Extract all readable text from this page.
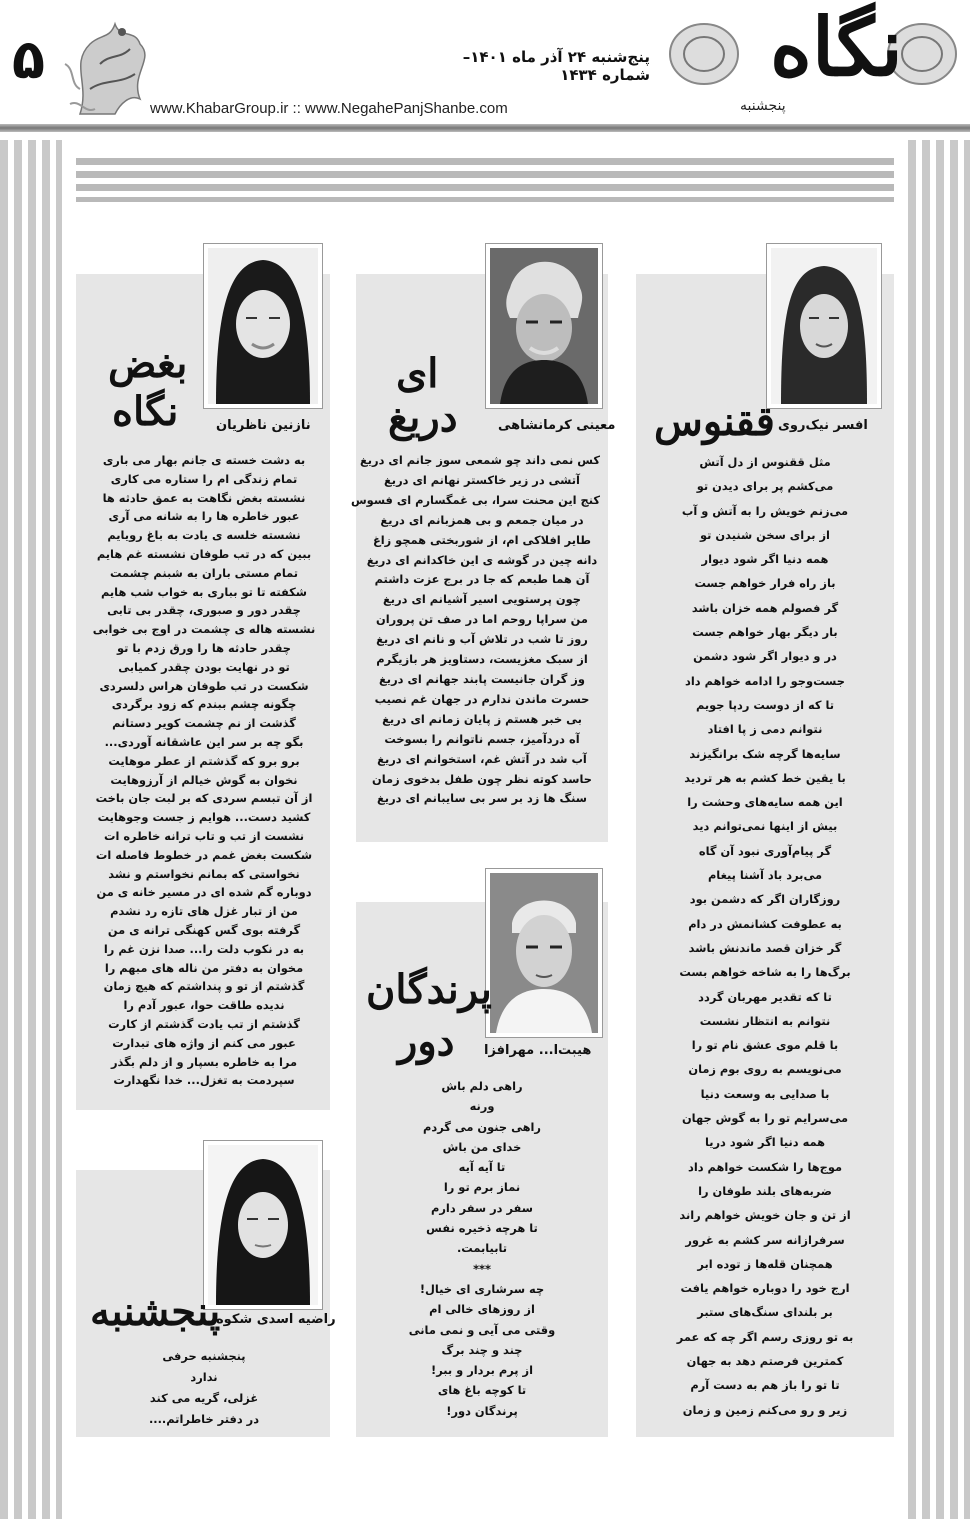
۵	پنج‌شنبه ۲۴ آذر ماه ۱۴۰۱– شماره ۱۴۳۴
www.KhabarGroup.ir :: www.NegahePanjShanbe.com
نگاه
پنجشنبه
ققنوس افسر نیک‌روی
مثل ققنوس از دل آتش
می‌کشم پر برای دیدن تو
می‌زنم خویش را به آتش و آب
از برای سخن شنیدن تو
همه دنیا اگر شود دیوار
باز راه فرار خواهم جست
گر فصولم همه خزان باشد
بار دیگر بهار خواهم جست
در و دیوار اگر شود دشمن
جست‌وجو را ادامه خواهم داد
تا که از دوست ردپا جویم
نتوانم دمی ز پا افتاد
سایه‌ها گرچه شک برانگیزند
با یقین خط کشم به هر تردید
این همه سایه‌های وحشت را
بیش از اینها نمی‌توانم دید
گر پیام‌آوری نبود آن گاه
می‌برد باد آشنا پیغام
روزگاران اگر که دشمن بود
به عطوفت کشانمش در دام
گر خزان قصد ماندنش باشد
برگ‌ها را به شاخه خواهم بست
تا که تقدیر مهربان گردد
نتوانم به انتظار نشست
با قلم موی عشق نام تو را
می‌نویسم به روی بوم زمان
با صدایی به وسعت دنیا
می‌سرایم تو را به گوش جهان
همه دنیا اگر شود دریا
موج‌ها را شکست خواهم داد
ضربه‌های بلند طوفان را
از تن و جان خویش خواهم راند
سرفرازانه سر کشم به غرور
همچنان قله‌ها ز توده ابر
ارج خود را دوباره خواهم یافت
بر بلندای سنگ‌های ستبر
به تو روزی رسم اگر چه که عمر
کمترین فرصتم دهد به جهان
تا تو را باز هم به دست آرم
زیر و رو می‌کنم زمین و زمان
ای
دریغ	معینی کرمانشاهی
کس نمی داند چو شمعی سوز جانم ای دریغ
آتشی در زیر خاکستر نهانم ای دریغ
کنج این محنت سرا، بی غمگسارم ای فسوس
در میان جمعم و بی همزبانم ای دریغ
طایر افلاکی ام، از شوربختی همچو زاغ
دانه چین در گوشه ی این خاکدانم ای دریغ
آن هما طبعم که جا در برج عزت داشتم
چون پرستویی اسیر آشیانم ای دریغ
من سراپا روحم اما در صف تن پروران
روز تا شب در تلاش آب و نانم ای دریغ
از سبک مغزیست، دستاویز هر بازیگرم
وز گران جانیست پابند جهانم ای دریغ
حسرت ماندن ندارم در جهان غم نصیب
بی خبر هستم ز پایان زمانم ای دریغ
آه دردآمیز، جسم ناتوانم را بسوخت
آب شد در آتش غم، استخوانم ای دریغ
حاسد کوته نظر چون طفل بدخوی زمان
سنگ ها زد بر سر بی سایبانم ای دریغ
پرندگان
دور هیبت‌ا... مهرافزا
راهی دلم باش
ورنه
راهی جنون می گردم
خدای من باش
تا آیه آیه
نماز برم تو را
سفر در سفر دارم
تا هرچه ذخیره نفس
تابیابمت.
***
چه سرشاری ای خیال!
از روزهای خالی ام
وقتی می آیی و نمی مانی
چند و چند برگ
از پرم بردار و ببر!
تا کوچه باغ های
پرندگان دور!
بغض
نگاه	نازنین ناظریان
به دشت خسته ی جانم بهار می باری
تمام زندگی ام را ستاره می کاری
نشسته بغض نگاهت به عمق حادثه ها
عبور خاطره ها را به شانه می آری
نشسته خلسه ی یادت به باغ رویایم
ببین که در تب طوفان نشسته غم هایم
تمام مستی باران به شبنم چشمت
شکفته تا تو بباری به خواب شب هایم
چقدر دور و صبوری، چقدر بی تابی
نشسته هاله ی چشمت در اوج بی خوابی
چقدر حادثه ها را ورق زدم با تو
تو در نهایت بودن چقدر کمیابی
شکست در تب طوفان هراس دلسردی
چگونه چشم ببندم که زود برگردی
گذشت از نم چشمت کویر دستانم
بگو چه بر سر این عاشقانه آوردی...
برو برو که گذشتم از عطر موهایت
نخوان به گوش خیالم از آرزوهایت
از آن تبسم سردی که بر لبت جان باخت
کشید دست... هوایم ز جست وجوهایت
نشست از تب و تاب ترانه خاطره ات
شکست بغض غمم در خطوط فاصله ات
نخواستی که بمانم نخواستم و نشد
دوباره گم شده ای در مسیر خانه ی من
من از تبار غزل های تازه رد نشدم
گرفته بوی گس کهنگی ترانه ی من
به در نکوب دلت را... صدا نزن غم را
مخوان به دفتر من ناله های مبهم را
گذشتم از تو و پنداشتم که هیچ زمان
ندیده طاقت حوا، عبور آدم را
گذشتم از تب یادت گذشتم از کارت
عبور می کنم از واژه های تبدارت
مرا به خاطره بسپار و از دلم بگذر
سپردمت به تغزل... خدا نگهدارت
پنجشنبه
راضیه اسدی شکوه
پنجشنبه حرفی
ندارد
غزلی، گریه می کند
در دفتر خاطراتم....
